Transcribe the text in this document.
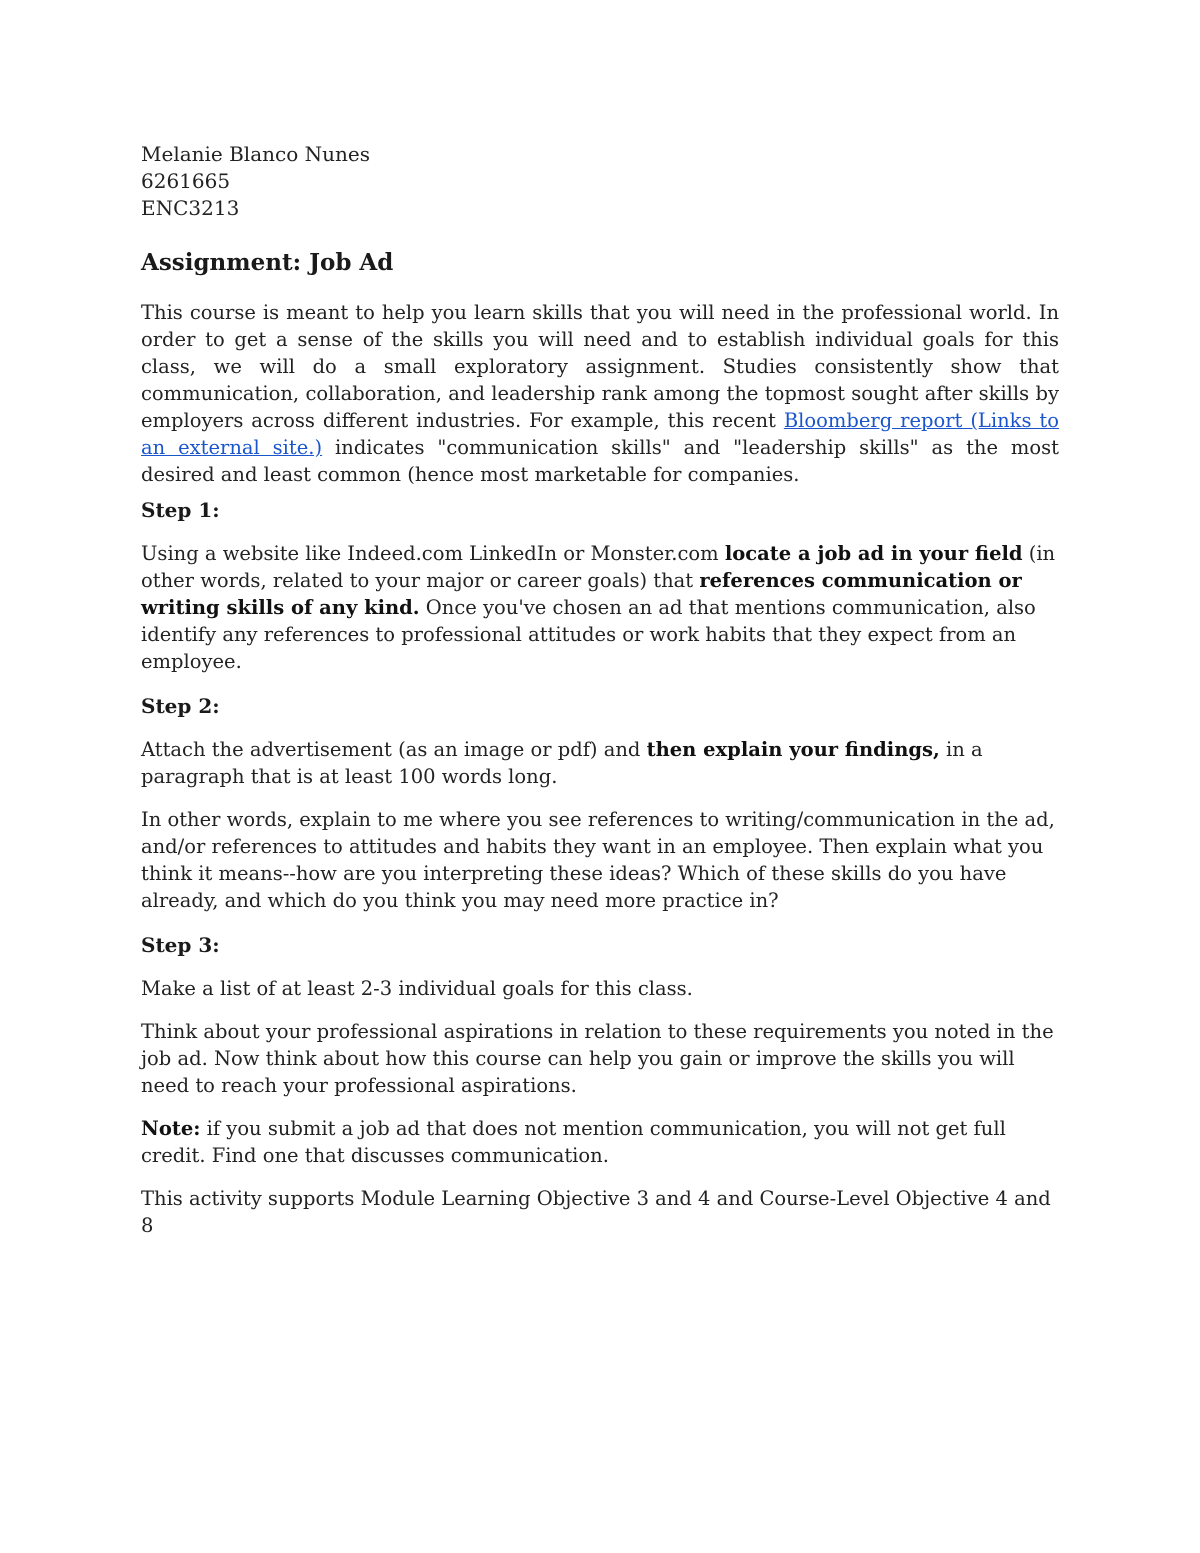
Melanie Blanco Nunes

6261665

ENC3213

Assignment: Job Ad

This course is meant to help you learn skills that you will need in the professional world. In order to get a sense of the skills you will need and to establish individual goals for this class, we will do a small exploratory assignment. Studies consistently show that communication, collaboration, and leadership rank among the topmost sought after skills by employers across different industries. For example, this recent Bloomberg report (Links to an external site.) indicates "communication skills" and "leadership skills" as the most desired and least common (hence most marketable for companies.

Step 1:

Using a website like Indeed.com LinkedIn or Monster.com locate a job ad in your field (in other words, related to your major or career goals) that references communication or writing skills of any kind. Once you've chosen an ad that mentions communication, also identify any references to professional attitudes or work habits that they expect from an employee.

Step 2:

Attach the advertisement (as an image or pdf) and then explain your findings, in a paragraph that is at least 100 words long.

In other words, explain to me where you see references to writing/communication in the ad, and/or references to attitudes and habits they want in an employee. Then explain what you think it means--how are you interpreting these ideas? Which of these skills do you have already, and which do you think you may need more practice in?

Step 3:

Make a list of at least 2-3 individual goals for this class.

Think about your professional aspirations in relation to these requirements you noted in the job ad. Now think about how this course can help you gain or improve the skills you will need to reach your professional aspirations.

Note: if you submit a job ad that does not mention communication, you will not get full credit. Find one that discusses communication.

This activity supports Module Learning Objective 3 and 4 and Course-Level Objective 4 and 8
